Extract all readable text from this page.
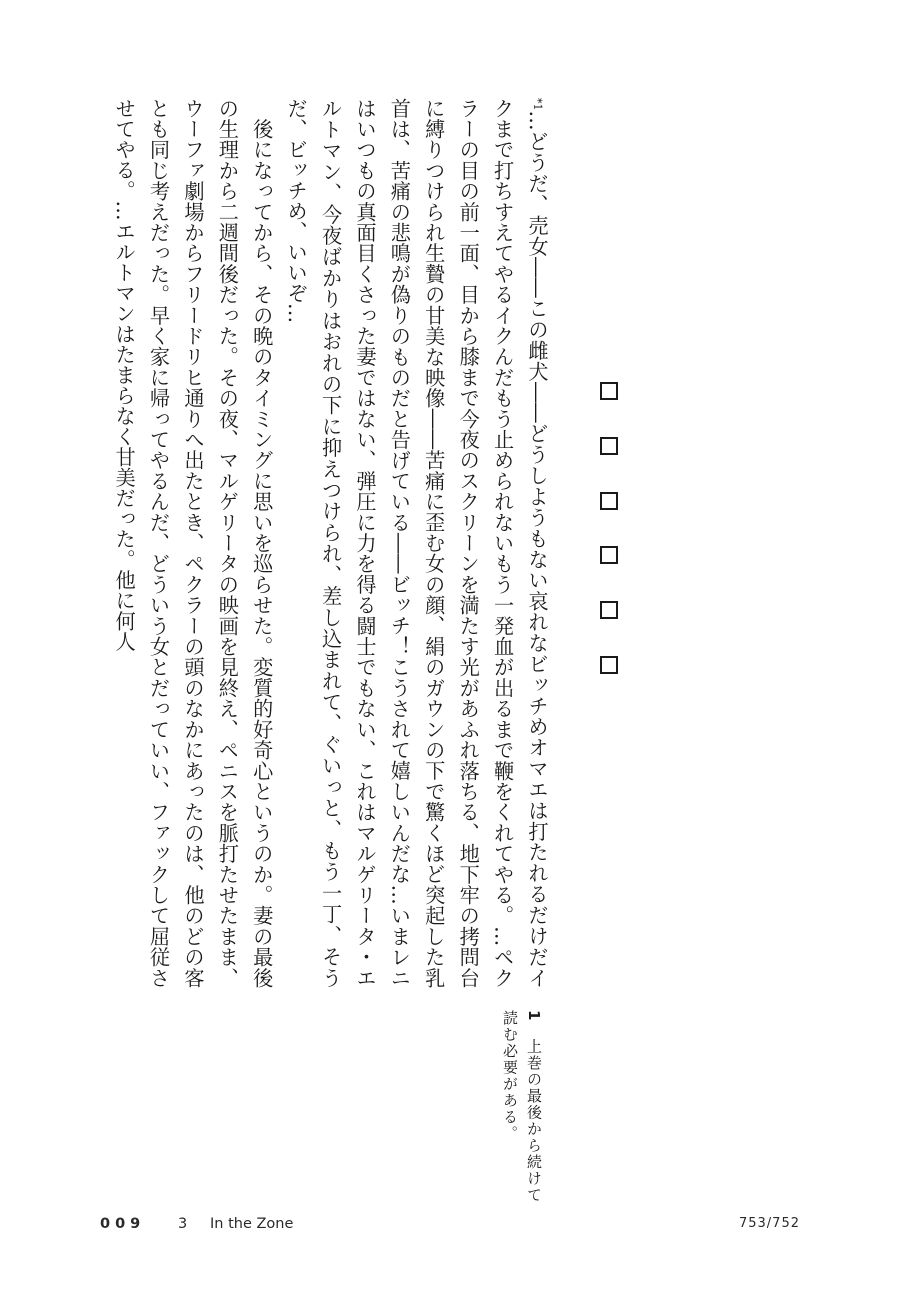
*1…どうだ、売女――この雌犬――どうしようもない哀れなビッチめオマエは打たれるだけだイクまで打ちすえてやるイクんだもう止められないもう一発血が出るまで鞭をくれてやる。…ペクラーの目の前一面、目から膝まで今夜のスクリーンを満たす光があふれ落ちる、地下牢の拷問台に縛りつけられ生贄の甘美な映像――苦痛に歪む女の顔、絹のガウンの下で驚くほど突起した乳首は、苦痛の悲鳴が偽りのものだと告げている――ビッチ！こうされて嬉しいんだな…いまレニはいつもの真面目くさった妻ではない、弾圧に力を得る闘士でもない、これはマルゲリータ・エルトマン、今夜ばかりはおれの下に抑えつけられ、差し込まれて、ぐいっと、もう一丁、そうだ、ビッチめ、いいぞ…

　後になってから、その晩のタイミングに思いを巡らせた。変質的好奇心というのか。妻の最後の生理から二週間後だった。その夜、マルゲリータの映画を見終え、ペニスを脈打たせたまま、ウーファ劇場からフリードリヒ通りへ出たとき、ペクラーの頭のなかにあったのは、他のどの客とも同じ考えだった。早く家に帰ってやるんだ、どういう女とだっていい、ファックして屈従させてやる。…エルトマンはたまらなく甘美だった。他に何人

1　上巻の最後から続けて読む必要がある。
009 3 In the Zone	753/752
